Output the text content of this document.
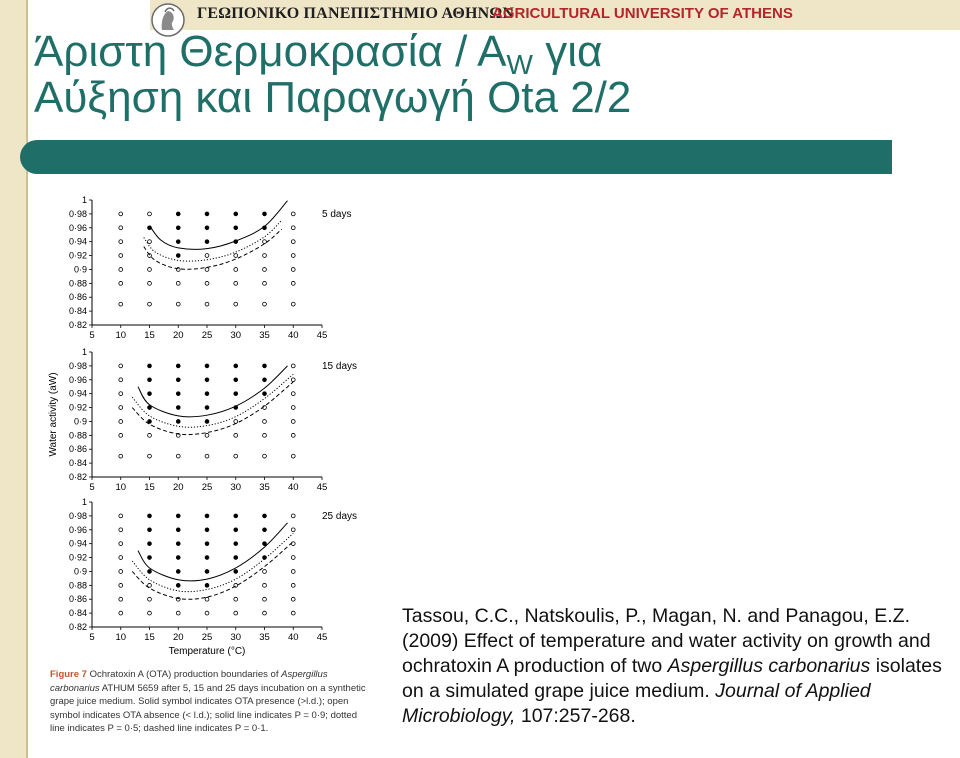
ΓΕΩΠΟΝΙΚΟ ΠΑΝΕΠΙΣΤΗΜΙΟ ΑΘΗΝΩΝ
AGRICULTURAL UNIVERSITY OF ATHENS
Άριστη Θερμοκρασία / $A_W$ για
Αύξηση και Παραγωγή Ota 2/2
1
0·98
0·96
0·94
0·92
0·9
0·88
0·86
0·84
0·82
5 10 15 20 25 30 35 40 45
5 days
1
0·98
0·96
0·94
0·92
0·9
0·88
0·86
0·84
0·82
5 10 15 20 25 30 35 40 45
15 days
Water activity (aW)
1
0·98
0·96
0·94
0·92
0·9
0·88
0·86
0·84
0·82
5 10 15 20 25 30 35 40 45
25 days
Temperature (°C)
Figure 7 Ochratoxin A (OTA) production boundaries of Aspergillus carbonarius ATHUM 5659 after 5, 15 and 25 days incubation on a synthetic grape juice medium. Solid symbol indicates OTA presence (>l.d.); open symbol indicates OTA absence (< l.d.); solid line indicates P = 0·9; dotted line indicates P = 0·5; dashed line indicates P = 0·1.
Tassou, C.C., Natskoulis, P., Magan, N. and Panagou, E.Z. (2009) Effect of temperature and water activity on growth and ochratoxin A production of two Aspergillus carbonarius isolates on a simulated grape juice medium. Journal of Applied Microbiology, 107:257-268.
